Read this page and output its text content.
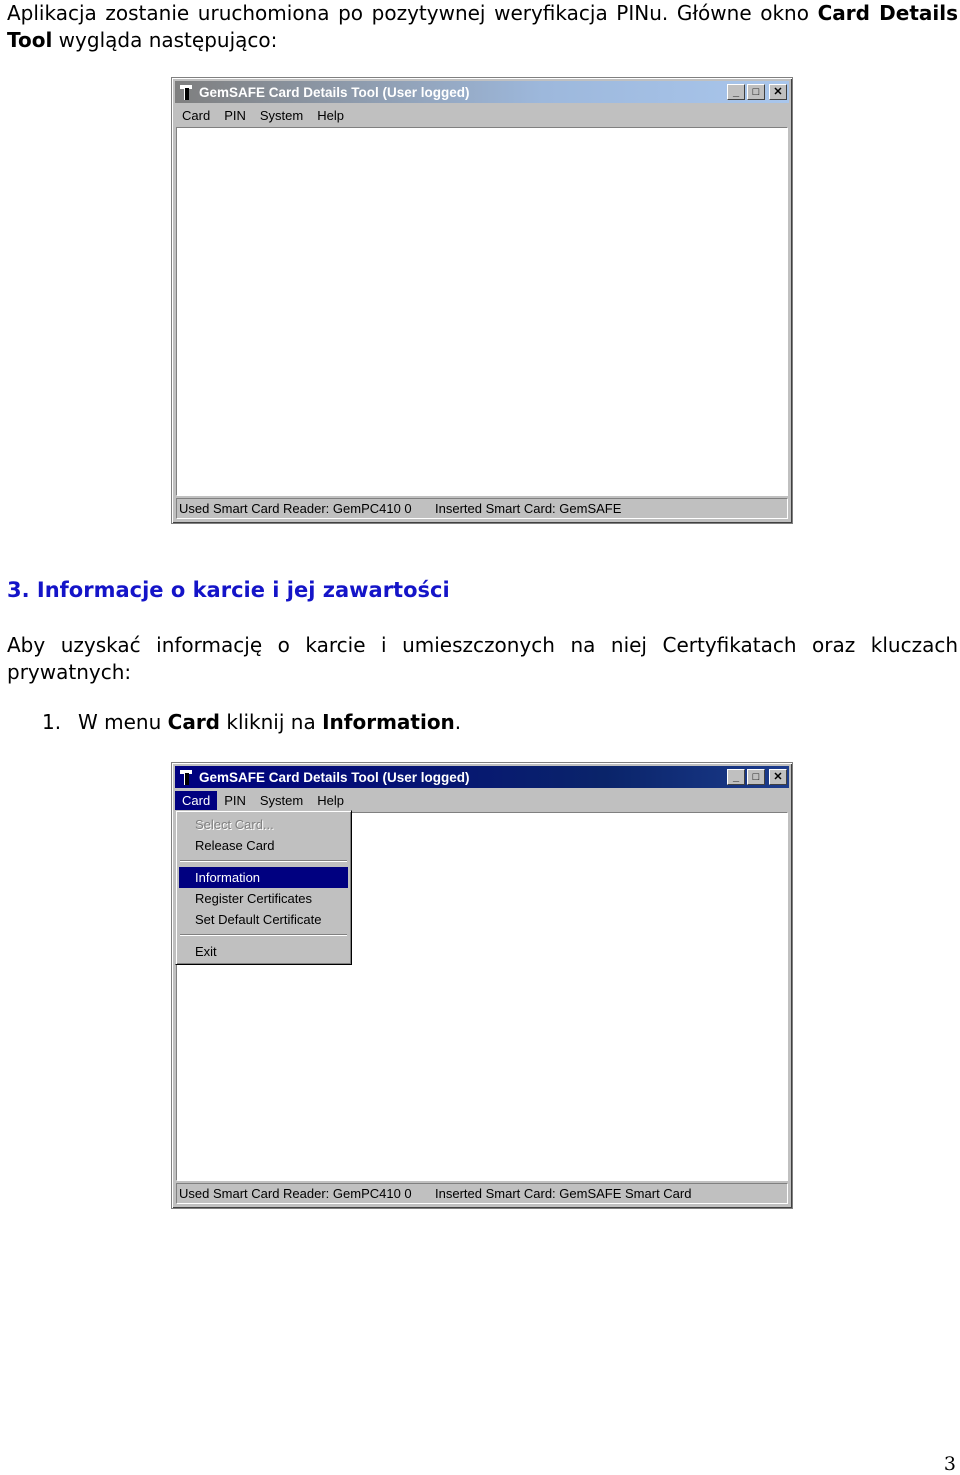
Aplikacja zostanie uruchomiona po pozytywnej weryfikacja PINu. Główne okno Card Details Tool wygląda następująco:

GemSAFE Card Details Tool (User logged)	_	□	✕
Card	PIN	System	Help
Used Smart Card Reader: GemPC410 0 Inserted Smart Card: GemSAFE
3. Informacje o karcie i jej zawartości

Aby uzyskać informację o karcie i umieszczonych na niej Certyfikatach oraz kluczach prywatnych:

1. W menu Card kliknij na Information.

GemSAFE Card Details Tool (User logged)	_	□	✕
Card	PIN	System	Help
Select Card...
Release Card
Information
Register Certificates
Set Default Certificate
Exit
Used Smart Card Reader: GemPC410 0 Inserted Smart Card: GemSAFE Smart Card
3
